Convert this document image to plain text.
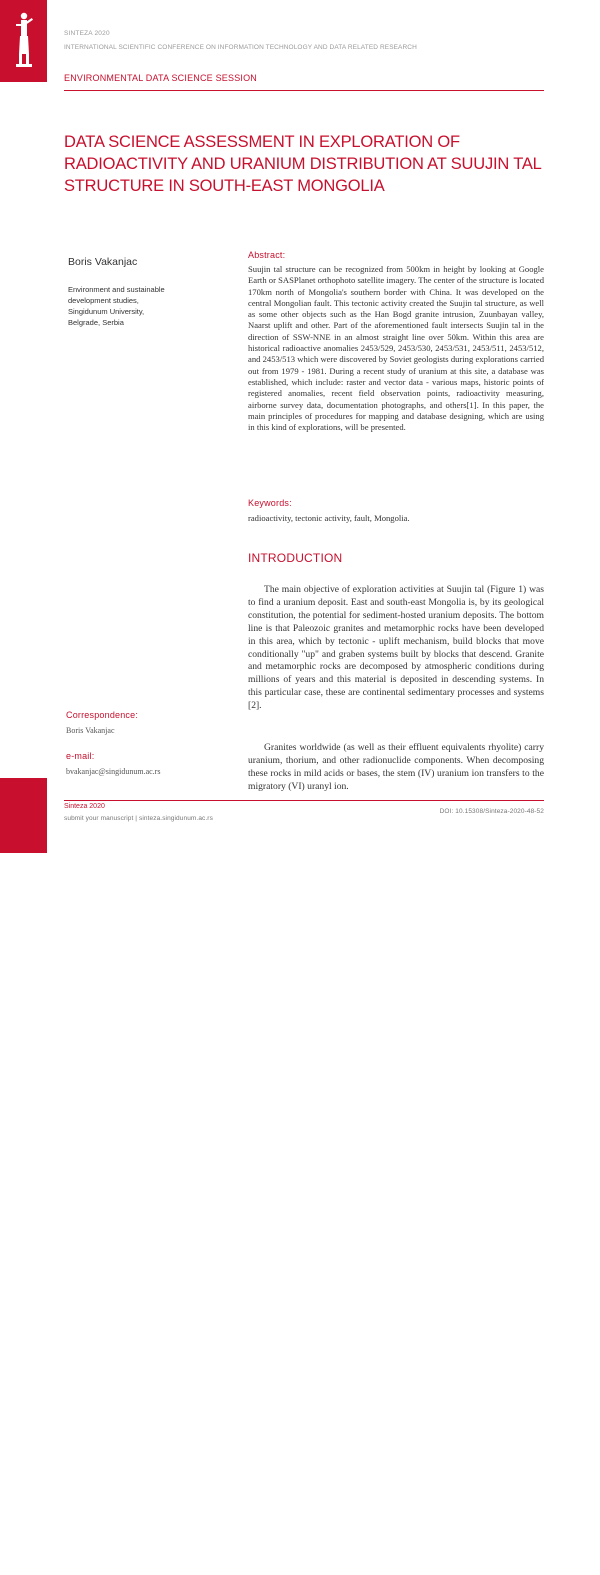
SINTEZA 2020
INTERNATIONAL SCIENTIFIC CONFERENCE ON INFORMATION TECHNOLOGY AND DATA RELATED RESEARCH
ENVIRONMENTAL DATA SCIENCE SESSION
DATA SCIENCE ASSESSMENT IN EXPLORATION OF RADIOACTIVITY AND URANIUM DISTRIBUTION AT SUUJIN TAL STRUCTURE IN SOUTH-EAST MONGOLIA
Boris Vakanjac
Environment and sustainable
development studies,
Singidunum University,
Belgrade, Serbia
Abstract:

Suujin tal structure can be recognized from 500km in height by looking at Google Earth or SASPlanet orthophoto satellite imagery. The center of the structure is located 170km north of Mongolia's southern border with China. It was developed on the central Mongolian fault. This tectonic activity created the Suujin tal structure, as well as some other objects such as the Han Bogd granite intrusion, Zuunbayan valley, Naarst uplift and other. Part of the aforementioned fault intersects Suujin tal in the direction of SSW-NNE in an almost straight line over 50km. Within this area are historical radioactive anomalies 2453/529, 2453/530, 2453/531, 2453/511, 2453/512, and 2453/513 which were discovered by Soviet geologists during explorations carried out from 1979 - 1981. During a recent study of uranium at this site, a database was established, which include: raster and vector data - various maps, historic points of registered anomalies, recent field observation points, radioactivity measuring, airborne survey data, documentation photographs, and others[1]. In this paper, the main principles of procedures for mapping and database designing, which are using in this kind of explorations, will be presented.

Keywords:
radioactivity, tectonic activity, fault, Mongolia.
INTRODUCTION

The main objective of exploration activities at Suujin tal (Figure 1) was to find a uranium deposit. East and south-east Mongolia is, by its geological constitution, the potential for sediment-hosted uranium deposits. The bottom line is that Paleozoic granites and metamorphic rocks have been developed in this area, which by tectonic - uplift mechanism, build blocks that move conditionally "up" and graben systems built by blocks that descend. Granite and metamorphic rocks are decomposed by atmospheric conditions during millions of years and this material is deposited in descending systems. In this particular case, these are continental sedimentary processes and systems [2].

Granites worldwide (as well as their effluent equivalents rhyolite) carry uranium, thorium, and other radionuclide components. When decomposing these rocks in mild acids or bases, the stem (IV) uranium ion transfers to the migratory (VI) uranyl ion.

Correspondence:
Boris Vakanjac
e-mail:
bvakanjac@singidunum.ac.rs
48
Sinteza 2020
submit your manuscript | sinteza.singidunum.ac.rs
DOI: 10.15308/Sinteza-2020-48-52
